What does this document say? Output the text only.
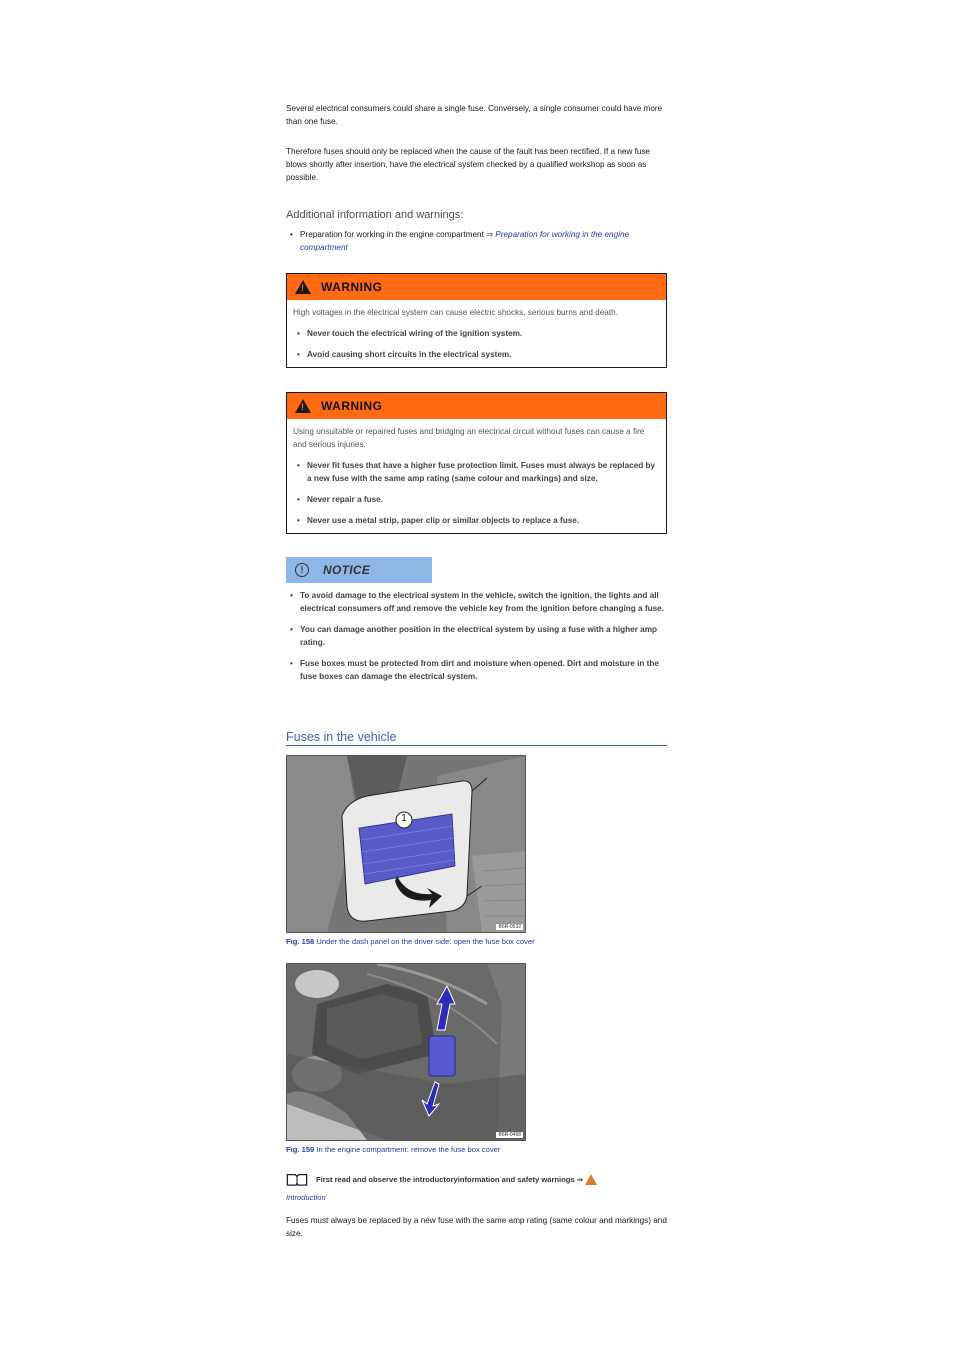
Several electrical consumers could share a single fuse. Conversely, a single consumer could have more than one fuse.

Therefore fuses should only be replaced when the cause of the fault has been rectified. If a new fuse blows shortly after insertion, have the electrical system checked by a qualified workshop as soon as possible.

Additional information and warnings:

• Preparation for working in the engine compartment ⇒ Preparation for working in the engine compartment
! WARNING

High voltages in the electrical system can cause electric shocks, serious burns and death.

• Never touch the electrical wiring of the ignition system.
• Avoid causing short circuits in the electrical system.
! WARNING

Using unsuitable or repaired fuses and bridging an electrical circuit without fuses can cause a fire and serious injuries.

• Never fit fuses that have a higher fuse protection limit. Fuses must always be replaced by a new fuse with the same amp rating (same colour and markings) and size.
• Never repair a fuse.
• Never use a metal strip, paper clip or similar objects to replace a fuse.
!	NOTICE
• To avoid damage to the electrical system in the vehicle, switch the ignition, the lights and all electrical consumers off and remove the vehicle key from the ignition before changing a fuse.
• You can damage another position in the electrical system by using a fuse with a higher amp rating.
• Fuse boxes must be protected from dirt and moisture when opened. Dirt and moisture in the fuse boxes can damage the electrical system.
Fuses in the vehicle
1
B6R-0532
Fig. 158 Under the dash panel on the driver side: open the fuse box cover
B6R-0468
Fig. 159 In the engine compartment: remove the fuse box cover
First read and observe the introductoryinformation and safety warnings ⇒
Introduction

Fuses must always be replaced by a new fuse with the same amp rating (same colour and markings) and size.
